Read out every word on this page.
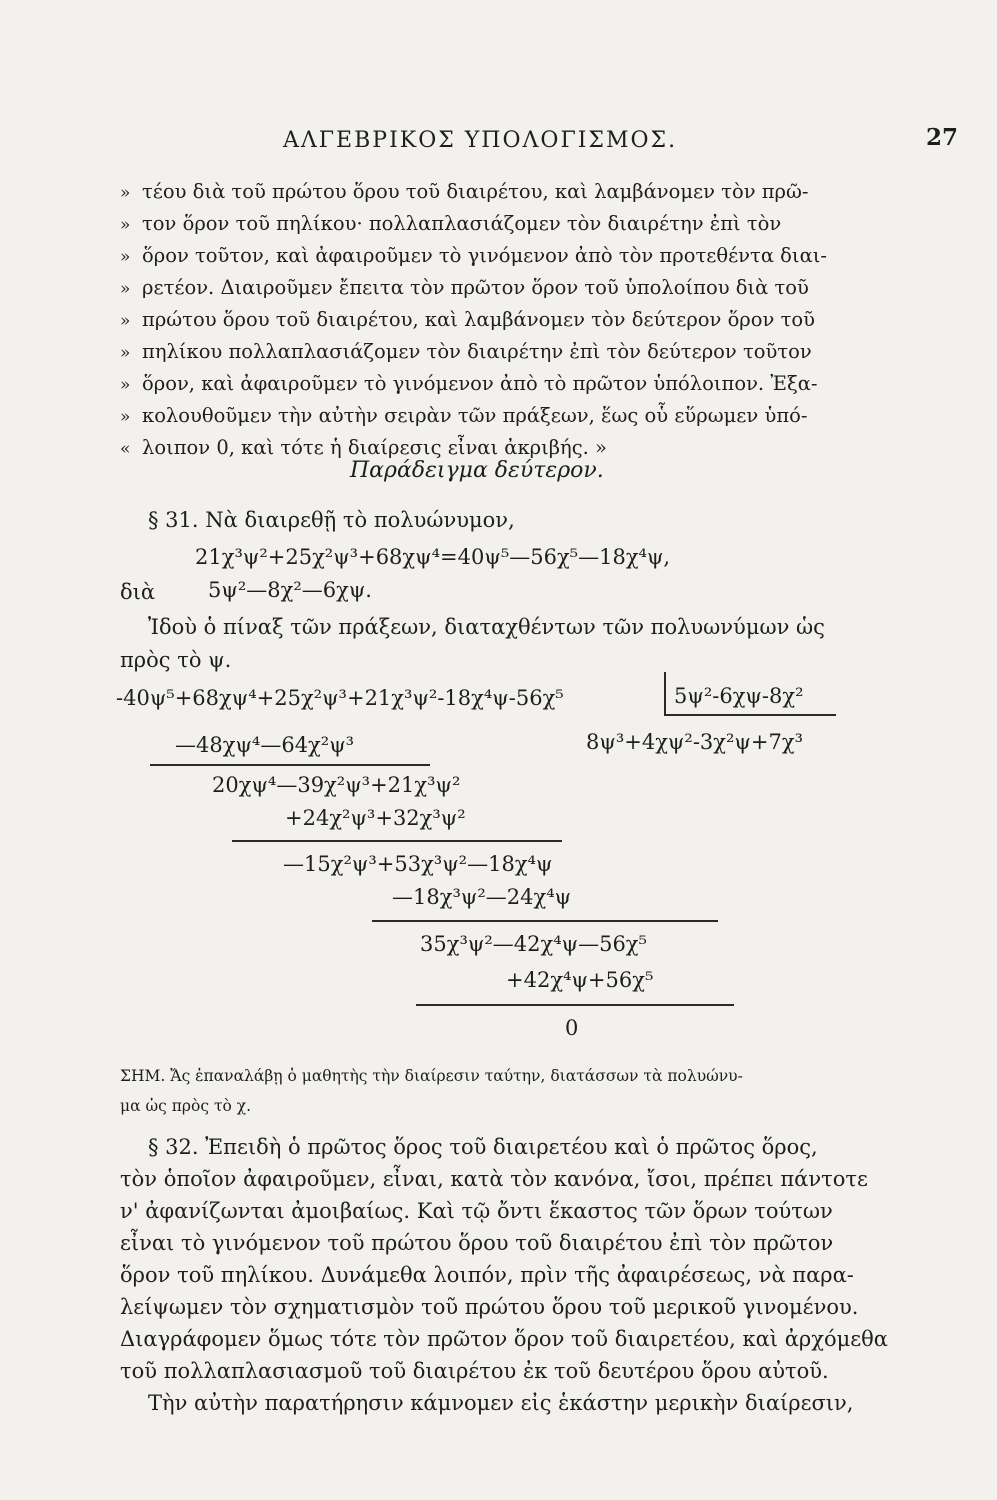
ΑΛΓΕΒΡΙΚΟΣ ΥΠΟΛΟΓΙΣΜΟΣ.	27
» τέου διὰ τοῦ πρώτου ὅρου τοῦ διαιρέτου, καὶ λαμβάνομεν τὸν πρῶ-
» τον ὅρον τοῦ πηλίκου· πολλαπλασιάζομεν τὸν διαιρέτην ἐπὶ τὸν
» ὅρον τοῦτον, καὶ ἀφαιροῦμεν τὸ γινόμενον ἀπὸ τὸν προτεθέντα διαι-
» ρετέον. Διαιροῦμεν ἔπειτα τὸν πρῶτον ὅρον τοῦ ὑπολοίπου διὰ τοῦ
» πρώτου ὅρου τοῦ διαιρέτου, καὶ λαμβάνομεν τὸν δεύτερον ὅρον τοῦ
» πηλίκου πολλαπλασιάζομεν τὸν διαιρέτην ἐπὶ τὸν δεύτερον τοῦτον
» ὅρον, καὶ ἀφαιροῦμεν τὸ γινόμενον ἀπὸ τὸ πρῶτον ὑπόλοιπον. Ἐξα-
» κολουθοῦμεν τὴν αὐτὴν σειρὰν τῶν πράξεων, ἕως οὗ εὕρωμεν ὑπό-
« λοιπον 0, καὶ τότε ἡ διαίρεσις εἶναι ἀκριβής. »
Παράδειγμα δεύτερον.
§ 31. Νὰ διαιρεθῇ τὸ πολυώνυμον,
21χ³ψ²+25χ²ψ³+68χψ⁴=40ψ⁵—56χ⁵—18χ⁴ψ,
διὰ	5ψ²—8χ²—6χψ.
Ἰδοὺ ὁ πίναξ τῶν πράξεων, διαταχθέντων τῶν πολυωνύμων ὡς
πρὸς τὸ ψ.
-40ψ⁵+68χψ⁴+25χ²ψ³+21χ³ψ²-18χ⁴ψ-56χ⁵	5ψ²-6χψ-8χ²
8ψ³+4χψ²-3χ²ψ+7χ³
—48χψ⁴—64χ²ψ³
20χψ⁴—39χ²ψ³+21χ³ψ²
+24χ²ψ³+32χ³ψ²
—15χ²ψ³+53χ³ψ²—18χ⁴ψ
—18χ³ψ²—24χ⁴ψ
35χ³ψ²—42χ⁴ψ—56χ⁵
+42χ⁴ψ+56χ⁵
0
ΣΗΜ. Ἄς ἐπαναλάβῃ ὁ μαθητὴς τὴν διαίρεσιν ταύτην, διατάσσων τὰ πολυώνυ-
μα ὡς πρὸς τὸ χ.
§ 32. Ἐπειδὴ ὁ πρῶτος ὅρος τοῦ διαιρετέου καὶ ὁ πρῶτος ὅρος,
τὸν ὁποῖον ἀφαιροῦμεν, εἶναι, κατὰ τὸν κανόνα, ἴσοι, πρέπει πάντοτε
ν' ἀφανίζωνται ἀμοιβαίως. Καὶ τῷ ὄντι ἕκαστος τῶν ὅρων τούτων
εἶναι τὸ γινόμενον τοῦ πρώτου ὅρου τοῦ διαιρέτου ἐπὶ τὸν πρῶτον
ὅρον τοῦ πηλίκου. Δυνάμεθα λοιπόν, πρὶν τῆς ἀφαιρέσεως, νὰ παρα-
λείψωμεν τὸν σχηματισμὸν τοῦ πρώτου ὅρου τοῦ μερικοῦ γινομένου.
Διαγράφομεν ὅμως τότε τὸν πρῶτον ὅρον τοῦ διαιρετέου, καὶ ἀρχόμεθα
τοῦ πολλαπλασιασμοῦ τοῦ διαιρέτου ἐκ τοῦ δευτέρου ὅρου αὐτοῦ.
Τὴν αὐτὴν παρατήρησιν κάμνομεν εἰς ἑκάστην μερικὴν διαίρεσιν,
